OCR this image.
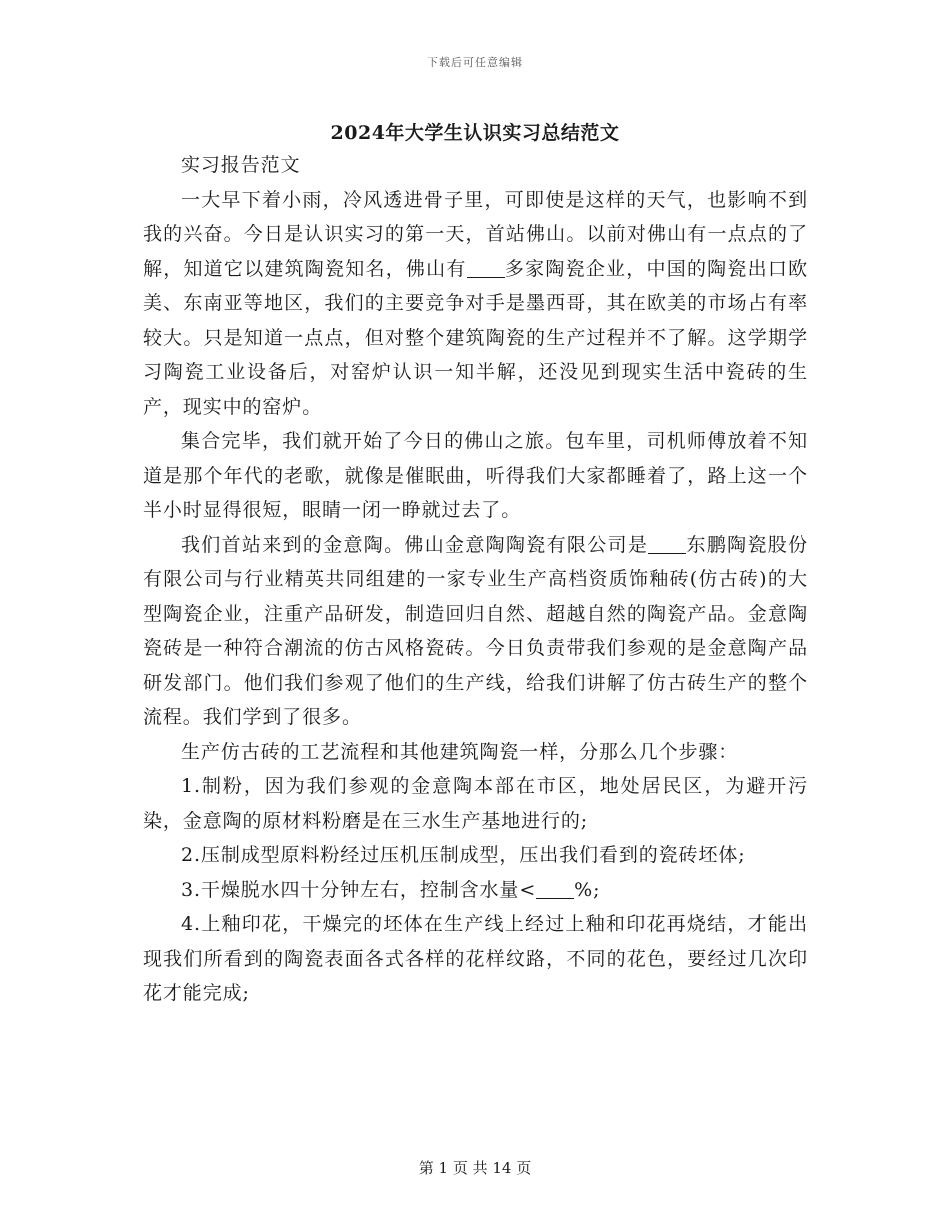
下载后可任意编辑
2024年大学生认识实习总结范文

实习报告范文

一大早下着小雨，冷风透进骨子里，可即使是这样的天气，也影响不到我的兴奋。今日是认识实习的第一天，首站佛山。以前对佛山有一点点的了解，知道它以建筑陶瓷知名，佛山有 多家陶瓷企业，中国的陶瓷出口欧美、东南亚等地区，我们的主要竞争对手是墨西哥，其在欧美的市场占有率较大。只是知道一点点，但对整个建筑陶瓷的生产过程并不了解。这学期学习陶瓷工业设备后，对窑炉认识一知半解，还没见到现实生活中瓷砖的生产，现实中的窑炉。

集合完毕，我们就开始了今日的佛山之旅。包车里，司机师傅放着不知道是那个年代的老歌，就像是催眠曲，听得我们大家都睡着了，路上这一个半小时显得很短，眼睛一闭一睁就过去了。

我们首站来到的金意陶。佛山金意陶陶瓷有限公司是 东鹏陶瓷股份有限公司与行业精英共同组建的一家专业生产高档资质饰釉砖(仿古砖)的大型陶瓷企业，注重产品研发，制造回归自然、超越自然的陶瓷产品。金意陶瓷砖是一种符合潮流的仿古风格瓷砖。今日负责带我们参观的是金意陶产品研发部门。他们我们参观了他们的生产线，给我们讲解了仿古砖生产的整个流程。我们学到了很多。

生产仿古砖的工艺流程和其他建筑陶瓷一样，分那么几个步骤：

1.制粉，因为我们参观的金意陶本部在市区，地处居民区，为避开污染，金意陶的原材料粉磨是在三水生产基地进行的;

2.压制成型原料粉经过压机压制成型，压出我们看到的瓷砖坯体;

3.干燥脱水四十分钟左右，控制含水量< %;

4.上釉印花，干燥完的坯体在生产线上经过上釉和印花再烧结，才能出现我们所看到的陶瓷表面各式各样的花样纹路，不同的花色，要经过几次印花才能完成;

第 1 页 共 14 页
